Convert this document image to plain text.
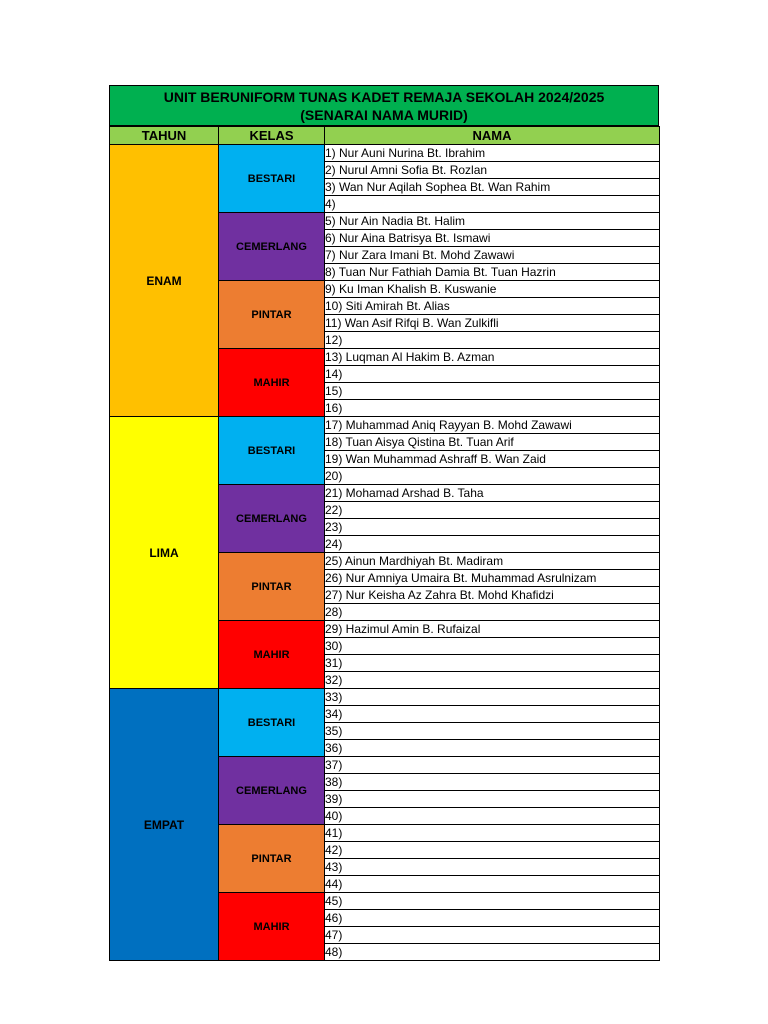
UNIT BERUNIFORM TUNAS KADET REMAJA SEKOLAH 2024/2025
(SENARAI NAMA MURID)
TAHUN	KELAS	NAMA
ENAM	BESTARI	1) Nur Auni Nurina Bt. Ibrahim
		2) Nurul Amni Sofia Bt. Rozlan
		3) Wan Nur Aqilah Sophea Bt. Wan Rahim
		4)
	CEMERLANG	5) Nur Ain Nadia Bt. Halim
		6) Nur Aina Batrisya Bt. Ismawi
		7) Nur Zara Imani Bt. Mohd Zawawi
		8) Tuan Nur Fathiah Damia Bt. Tuan Hazrin
	PINTAR	9) Ku Iman Khalish B. Kuswanie
		10) Siti Amirah Bt. Alias
		11) Wan Asif Rifqi B. Wan Zulkifli
		12)
	MAHIR	13) Luqman Al Hakim B. Azman
		14)
		15)
		16)
LIMA	BESTARI	17) Muhammad Aniq Rayyan B. Mohd Zawawi
		18) Tuan Aisya Qistina Bt. Tuan Arif
		19) Wan Muhammad Ashraff B. Wan Zaid
		20)
	CEMERLANG	21) Mohamad Arshad B. Taha
		22)
		23)
		24)
	PINTAR	25) Ainun Mardhiyah Bt. Madiram
		26) Nur Amniya Umaira Bt. Muhammad Asrulnizam
		27) Nur Keisha Az Zahra Bt. Mohd Khafidzi
		28)
	MAHIR	29) Hazimul Amin B. Rufaizal
		30)
		31)
		32)
EMPAT	BESTARI	33)
		34)
		35)
		36)
	CEMERLANG	37)
		38)
		39)
		40)
	PINTAR	41)
		42)
		43)
		44)
	MAHIR	45)
		46)
		47)
		48)
